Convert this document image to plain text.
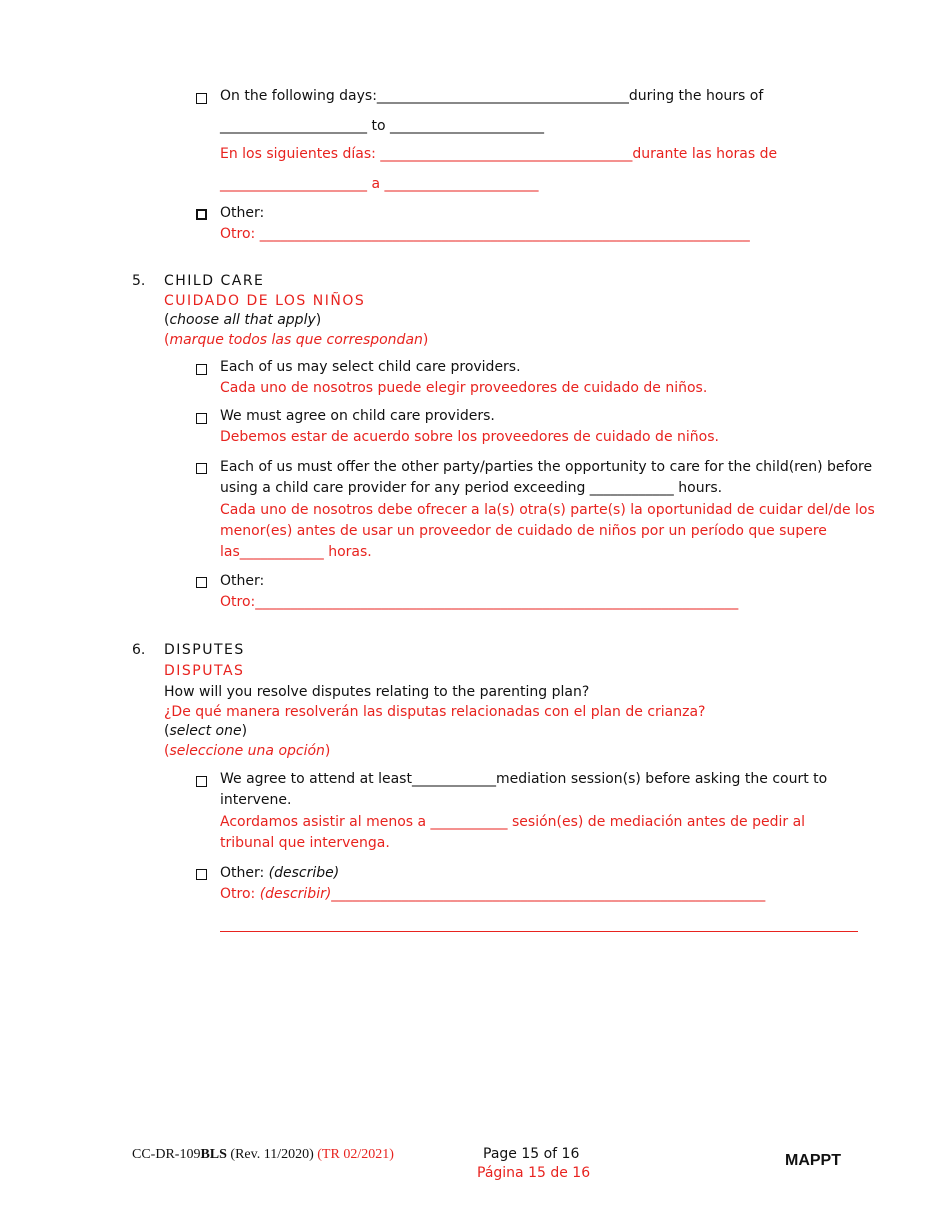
On the following days:____________________________________during the hours of
_____________________ to ______________________
En los siguientes días: ____________________________________durante las horas de
_____________________ a ______________________
Other:
Otro: ______________________________________________________________________
5. CHILD CARE
CUIDADO DE LOS NIÑOS
(choose all that apply)
(marque todos las que correspondan)
Each of us may select child care providers.
Cada uno de nosotros puede elegir proveedores de cuidado de niños.
We must agree on child care providers.
Debemos estar de acuerdo sobre los proveedores de cuidado de niños.
Each of us must offer the other party/parties the opportunity to care for the child(ren) before
using a child care provider for any period exceeding ____________ hours.
Cada uno de nosotros debe ofrecer a la(s) otra(s) parte(s) la oportunidad de cuidar del/de los
menor(es) antes de usar un proveedor de cuidado de niños por un período que supere
las____________ horas.
Other:
Otro:_____________________________________________________________________
6. DISPUTES
DISPUTAS
How will you resolve disputes relating to the parenting plan?
¿De qué manera resolverán las disputas relacionadas con el plan de crianza?
(select one)
(seleccione una opción)
We agree to attend at least____________mediation session(s) before asking the court to
intervene.
Acordamos asistir al menos a ___________ sesión(es) de mediación antes de pedir al
tribunal que intervenga.
Other: (describe)
Otro: (describir)______________________________________________________________
CC-DR-109BLS (Rev. 11/2020) (TR 02/2021)	Page 15 of 16
Página 15 de 16
MAPPT
